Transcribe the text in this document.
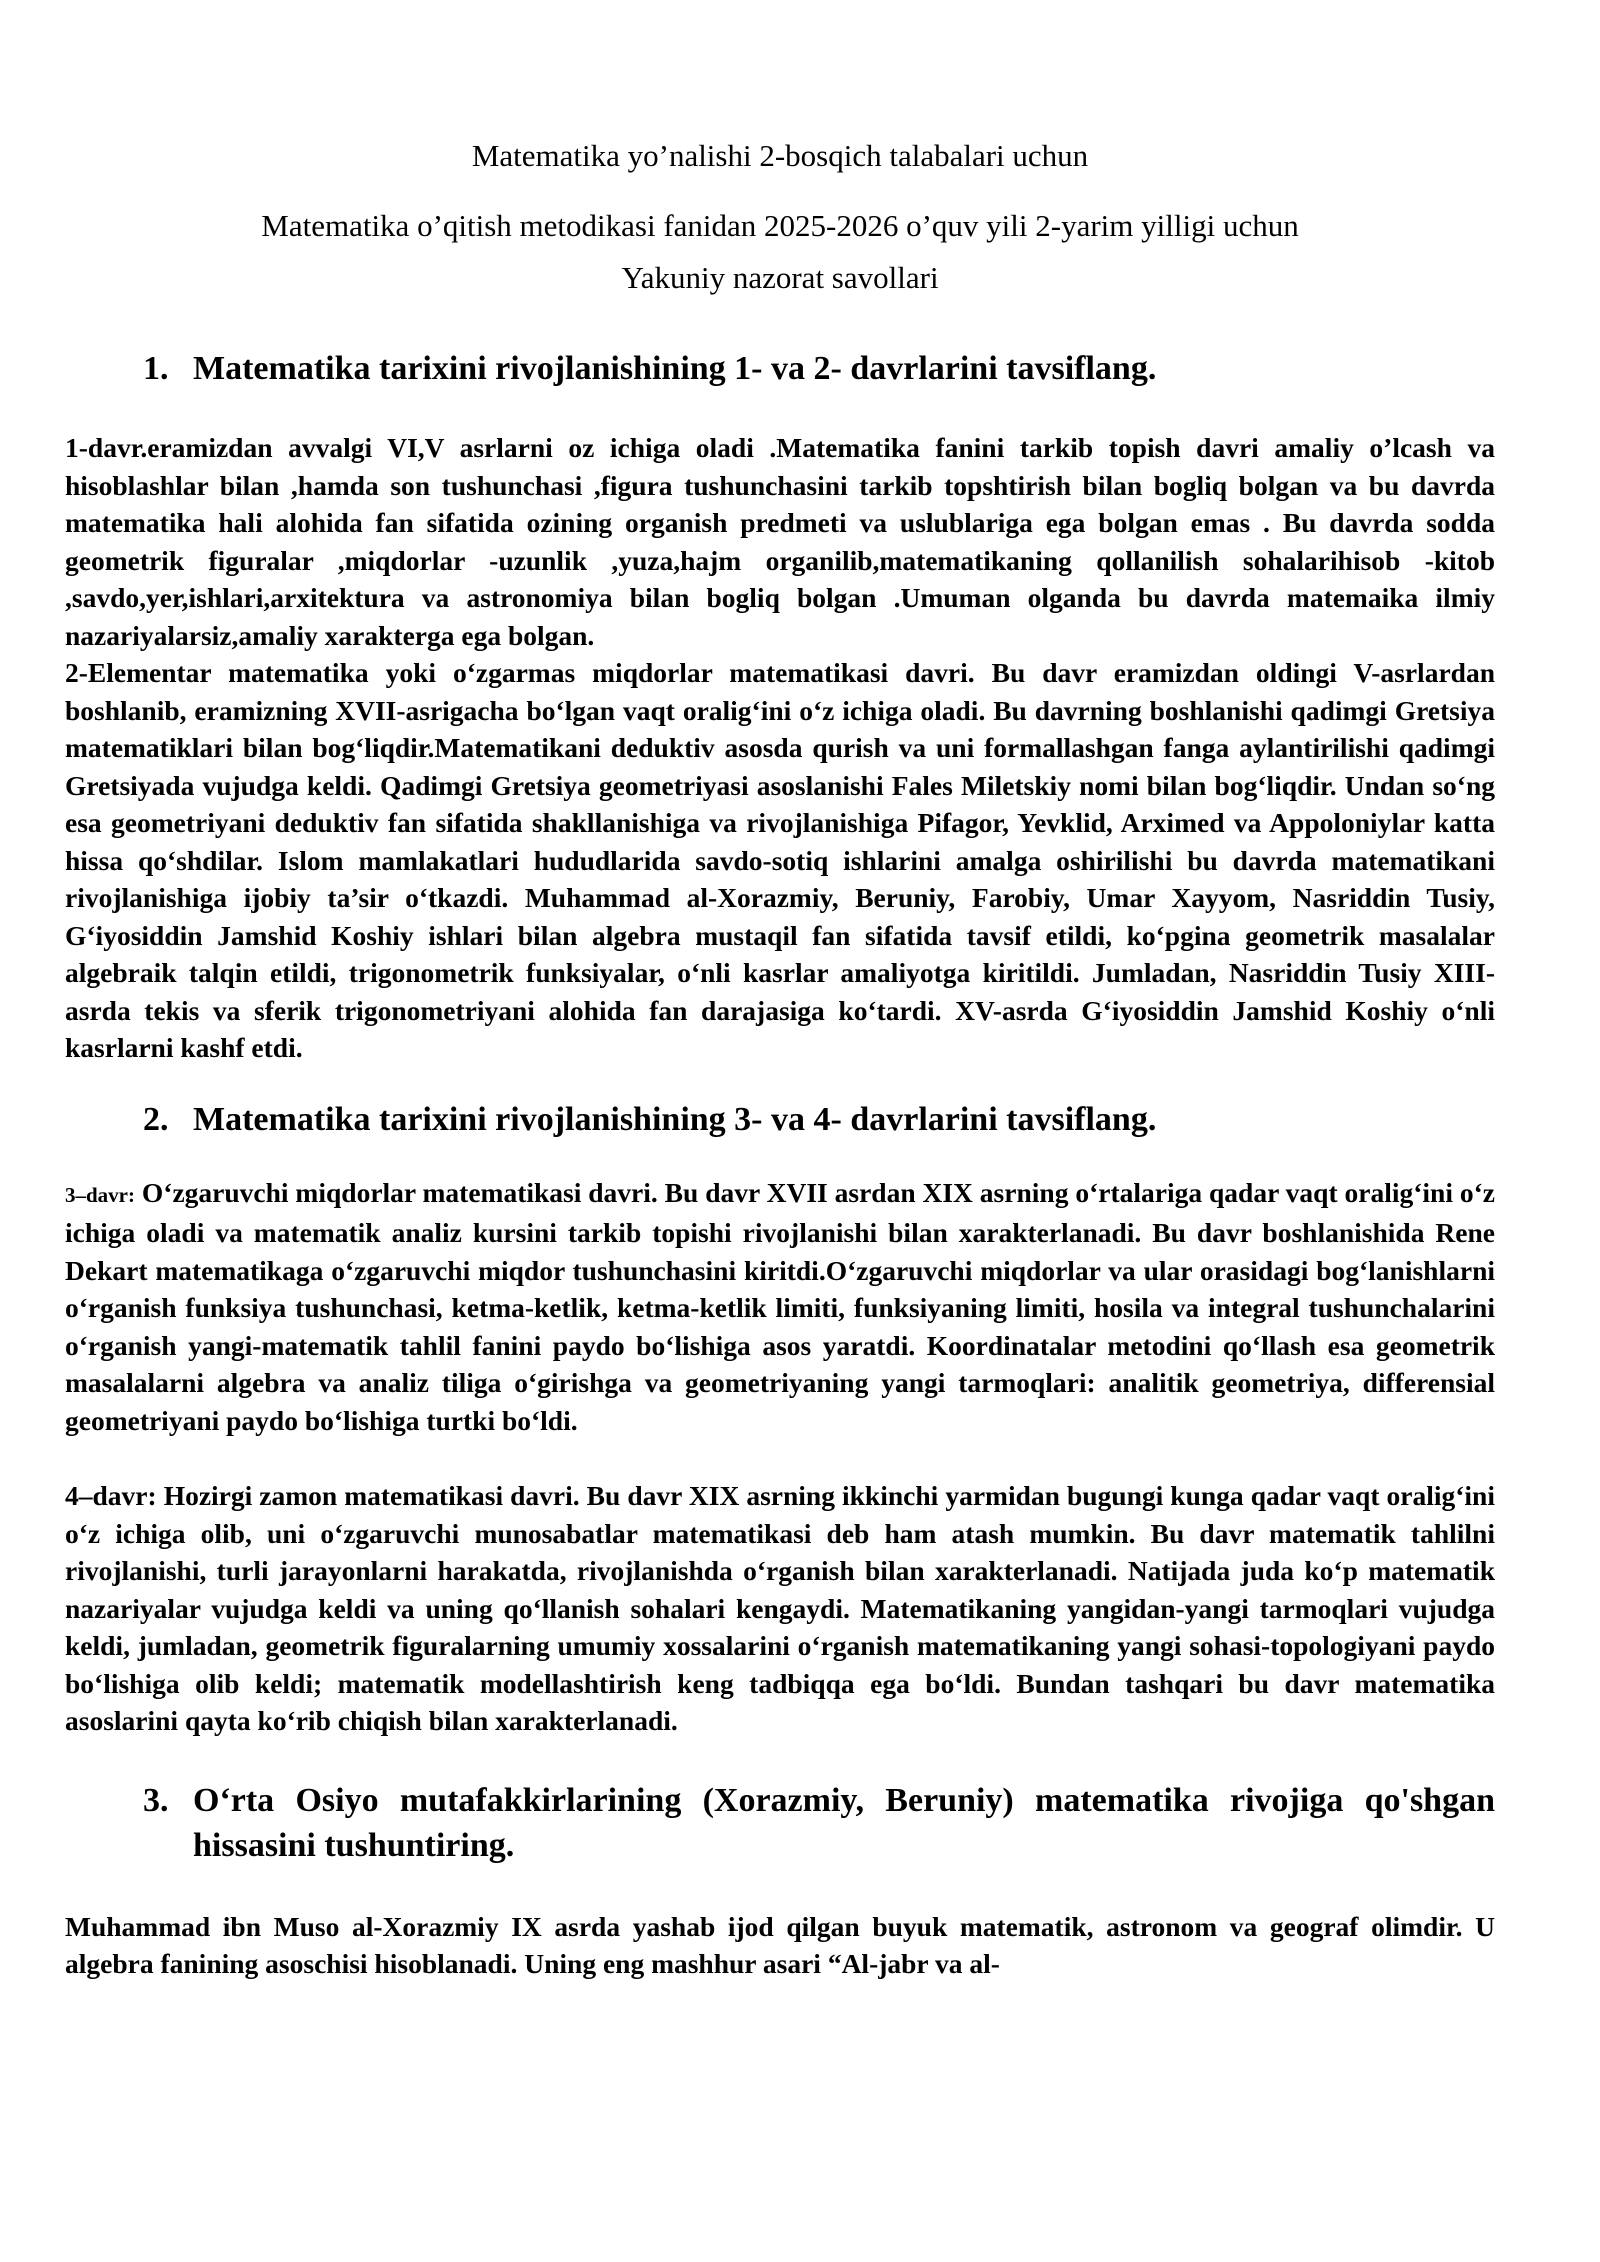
Matematika yo’nalishi 2-bosqich talabalari uchun
Matematika o’qitish metodikasi fanidan 2025-2026 o’quv yili 2-yarim yilligi uchun
Yakuniy nazorat savollari
1. Matematika tarixini rivojlanishining 1- va 2- davrlarini tavsiflang.

1-davr.eramizdan avvalgi VI,V asrlarni oz ichiga oladi .Matematika fanini tarkib topish davri amaliy o’lcash va hisoblashlar bilan ,hamda son tushunchasi ,figura tushunchasini tarkib topshtirish bilan bogliq bolgan va bu davrda matematika hali alohida fan sifatida ozining organish predmeti va uslublariga ega bolgan emas . Bu davrda sodda geometrik figuralar ,miqdorlar -uzunlik ,yuza,hajm organilib,matematikaning qollanilish sohalarihisob -kitob ,savdo,yer,ishlari,arxitektura va astronomiya bilan bogliq bolgan .Umuman olganda bu davrda matemaika ilmiy nazariyalarsiz,amaliy xarakterga ega bolgan.

2-Elementar matematika yoki o‘zgarmas miqdorlar matematikasi davri. Bu davr eramizdan oldingi V-asrlardan boshlanib, eramizning XVII-asrigacha bo‘lgan vaqt oralig‘ini o‘z ichiga oladi. Bu davrning boshlanishi qadimgi Gretsiya matematiklari bilan bog‘liqdir.Matematikani deduktiv asosda qurish va uni formallashgan fanga aylantirilishi qadimgi Gretsiyada vujudga keldi. Qadimgi Gretsiya geometriyasi asoslanishi Fales Miletskiy nomi bilan bog‘liqdir. Undan so‘ng esa geometriyani deduktiv fan sifatida shakllanishiga va rivojlanishiga Pifagor, Yevklid, Arximed va Appoloniylar katta hissa qo‘shdilar. Islom mamlakatlari hududlarida savdo-sotiq ishlarini amalga oshirilishi bu davrda matematikani rivojlanishiga ijobiy ta’sir o‘tkazdi. Muhammad al-Xorazmiy, Beruniy, Farobiy, Umar Xayyom, Nasriddin Tusiy, G‘iyosiddin Jamshid Koshiy ishlari bilan algebra mustaqil fan sifatida tavsif etildi, ko‘pgina geometrik masalalar algebraik talqin etildi, trigonometrik funksiyalar, o‘nli kasrlar amaliyotga kiritildi. Jumladan, Nasriddin Tusiy XIII-asrda tekis va sferik trigonometriyani alohida fan darajasiga ko‘tardi. XV-asrda G‘iyosiddin Jamshid Koshiy o‘nli kasrlarni kashf etdi.

2. Matematika tarixini rivojlanishining 3- va 4- davrlarini tavsiflang.

3–davr: O‘zgaruvchi miqdorlar matematikasi davri. Bu davr XVII asrdan XIX asrning o‘rtalariga qadar vaqt oralig‘ini o‘z ichiga oladi va matematik analiz kursini tarkib topishi rivojlanishi bilan xarakterlanadi. Bu davr boshlanishida Rene Dekart matematikaga o‘zgaruvchi miqdor tushunchasini kiritdi.O‘zgaruvchi miqdorlar va ular orasidagi bog‘lanishlarni o‘rganish funksiya tushunchasi, ketma-ketlik, ketma-ketlik limiti, funksiyaning limiti, hosila va integral tushunchalarini o‘rganish yangi-matematik tahlil fanini paydo bo‘lishiga asos yaratdi. Koordinatalar metodini qo‘llash esa geometrik masalalarni algebra va analiz tiliga o‘girishga va geometriyaning yangi tarmoqlari: analitik geometriya, differensial geometriyani paydo bo‘lishiga turtki bo‘ldi.

4–davr: Hozirgi zamon matematikasi davri. Bu davr XIX asrning ikkinchi yarmidan bugungi kunga qadar vaqt oralig‘ini o‘z ichiga olib, uni o‘zgaruvchi munosabatlar matematikasi deb ham atash mumkin. Bu davr matematik tahlilni rivojlanishi, turli jarayonlarni harakatda, rivojlanishda o‘rganish bilan xarakterlanadi. Natijada juda ko‘p matematik nazariyalar vujudga keldi va uning qo‘llanish sohalari kengaydi. Matematikaning yangidan-yangi tarmoqlari vujudga keldi, jumladan, geometrik figuralarning umumiy xossalarini o‘rganish matematikaning yangi sohasi-topologiyani paydo bo‘lishiga olib keldi; matematik modellashtirish keng tadbiqqa ega bo‘ldi. Bundan tashqari bu davr matematika asoslarini qayta ko‘rib chiqish bilan xarakterlanadi.

3. O‘rta Osiyo mutafakkirlarining (Xorazmiy, Beruniy) matematika rivojiga qo'shgan hissasini tushuntiring.

Muhammad ibn Muso al-Xorazmiy IX asrda yashab ijod qilgan buyuk matematik, astronom va geograf olimdir. U algebra fanining asoschisi hisoblanadi. Uning eng mashhur asari “Al-jabr va al-
